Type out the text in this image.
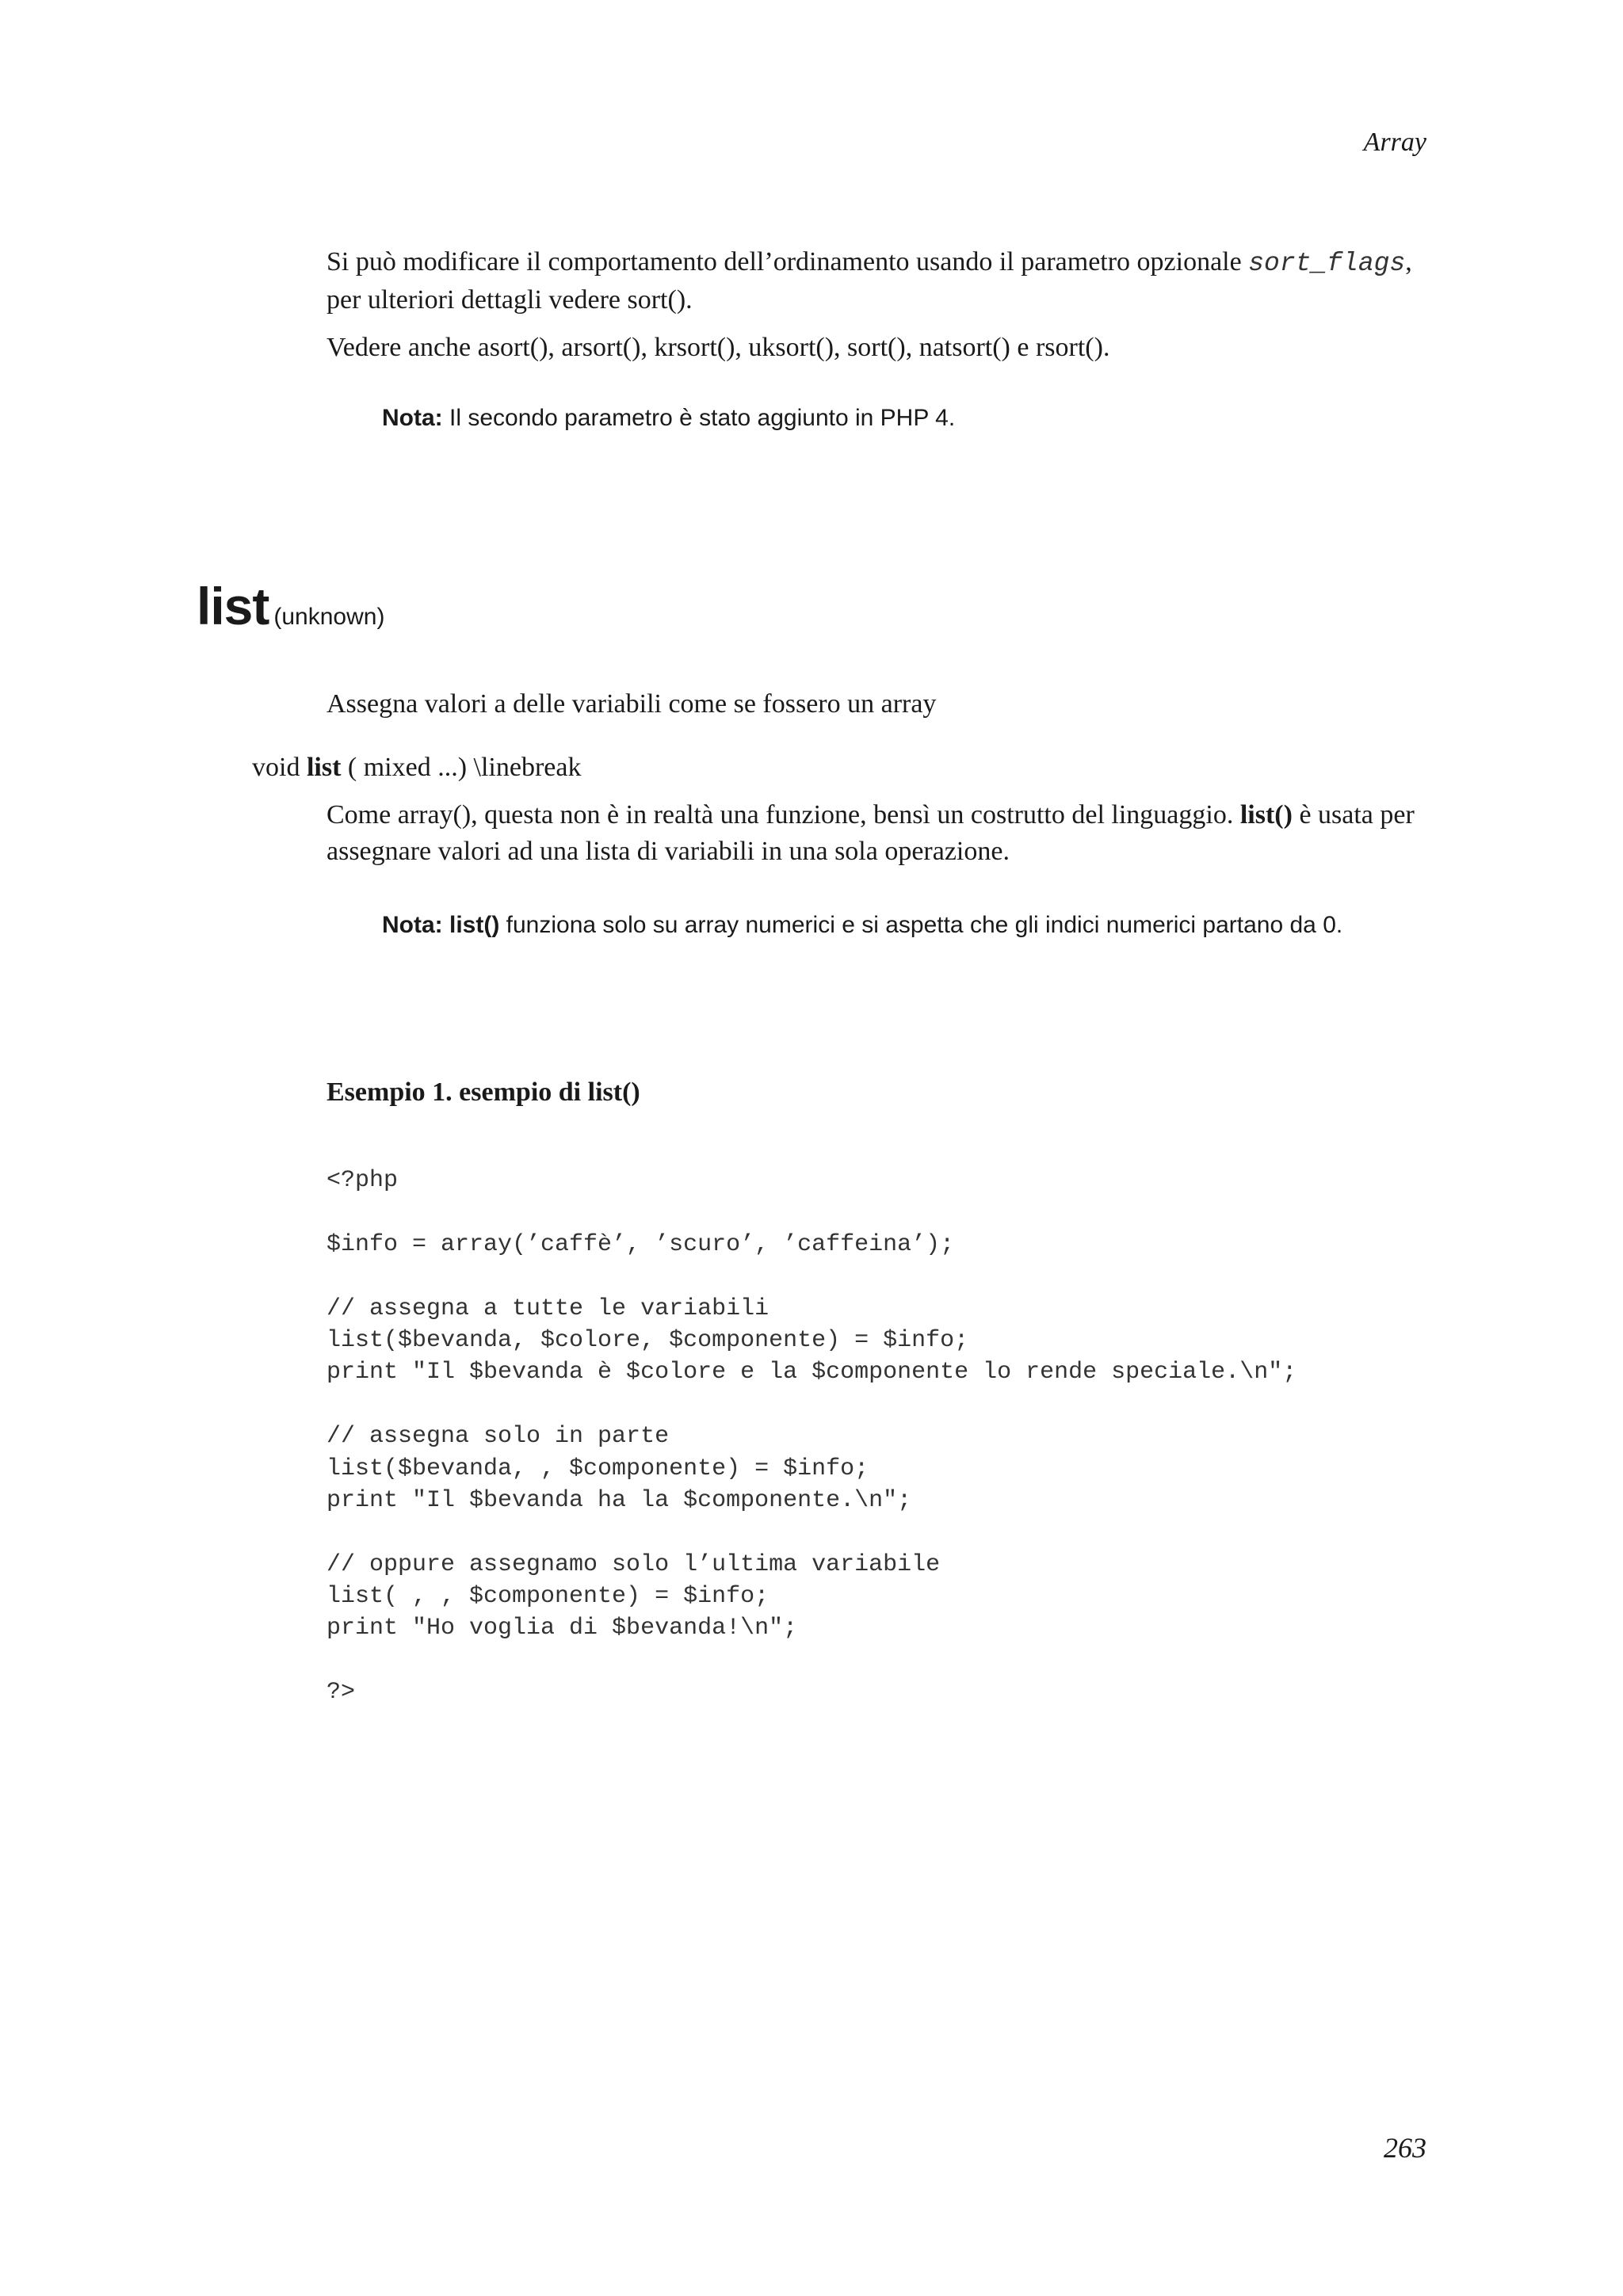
Array

Si può modificare il comportamento dell’ordinamento usando il parametro opzionale sort_flags,
per ulteriori dettagli vedere sort().

Vedere anche asort(), arsort(), krsort(), uksort(), sort(), natsort() e rsort().

Nota: Il secondo parametro è stato aggiunto in PHP 4.

list (unknown)

Assegna valori a delle variabili come se fossero un array

void list ( mixed ...) \linebreak

Come array(), questa non è in realtà una funzione, bensì un costrutto del linguaggio. list() è usata per
assegnare valori ad una lista di variabili in una sola operazione.

Nota: list() funziona solo su array numerici e si aspetta che gli indici numerici partano da 0.

Esempio 1. esempio di list()
<?php
$info = array(’caffè’, ’scuro’, ’caffeina’);
// assegna a tutte le variabili
list($bevanda, $colore, $componente) = $info;
print "Il $bevanda è $colore e la $componente lo rende speciale.\n";
// assegna solo in parte
list($bevanda, , $componente) = $info;
print "Il $bevanda ha la $componente.\n";
// oppure assegnamo solo l’ultima variabile
list( , , $componente) = $info;
print "Ho voglia di $bevanda!\n";
?>
263
